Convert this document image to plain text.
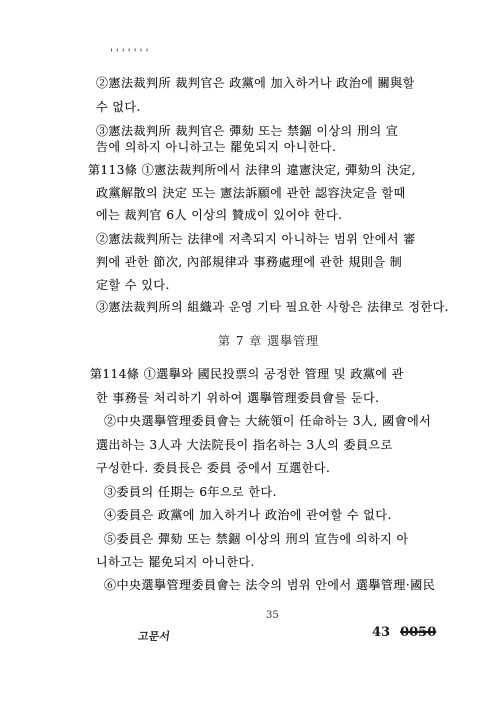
' ' ' ' ' ' '
②憲法裁判所 裁判官은 政黨에 加入하거나 政治에 關與할
수 없다.
③憲法裁判所 裁判官은 彈劾 또는 禁錮 이상의 刑의 宣
告에 의하지 아니하고는 罷免되지 아니한다.
第113條 ①憲法裁判所에서 法律의 違憲決定, 彈劾의 決定,
政黨解散의 決定 또는 憲法訴願에 관한 認容決定을 할때
에는 裁判官 6人 이상의 贊成이 있어야 한다.
②憲法裁判所는 法律에 저촉되지 아니하는 범위 안에서 審
判에 관한 節次, 內部規律과 事務處理에 관한 規則을 制
定할 수 있다.
③憲法裁判所의 組織과 운영 기타 필요한 사항은 法律로 정한다.
第 7 章 選擧管理
第114條 ①選擧와 國民投票의 공정한 管理 및 政黨에 관
한 事務를 처리하기 위하여 選擧管理委員會를 둔다.
②中央選擧管理委員會는 大統領이 任命하는 3人, 國會에서
選出하는 3人과 大法院長이 指名하는 3人의 委員으로
구성한다. 委員長은 委員 중에서 互選한다.
③委員의 任期는 6年으로 한다.
④委員은 政黨에 加入하거나 政治에 관여할 수 없다.
⑤委員은 彈劾 또는 禁錮 이상의 刑의 宣告에 의하지 아
니하고는 罷免되지 아니한다.
⑥中央選擧管理委員會는 法令의 범위 안에서 選擧管理·國民
35
고문서	43 0050
